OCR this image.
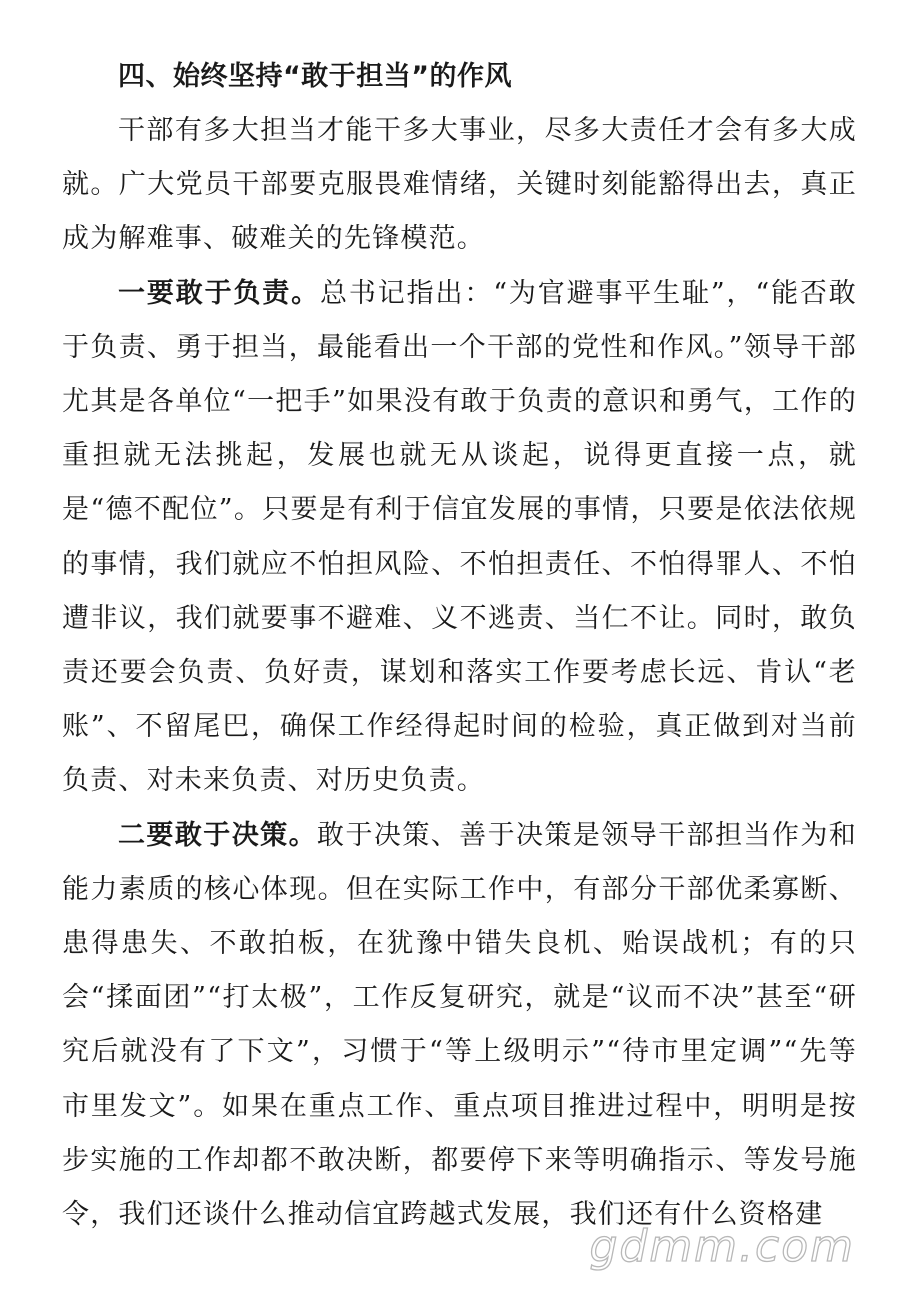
四、始终坚持“敢于担当”的作风

干部有多大担当才能干多大事业，尽多大责任才会有多大成就。广大党员干部要克服畏难情绪，关键时刻能豁得出去，真正成为解难事、破难关的先锋模范。

一要敢于负责。总书记指出：“为官避事平生耻”，“能否敢于负责、勇于担当，最能看出一个干部的党性和作风。”领导干部尤其是各单位“一把手”如果没有敢于负责的意识和勇气，工作的重担就无法挑起，发展也就无从谈起，说得更直接一点，就是“德不配位”。只要是有利于信宜发展的事情，只要是依法依规的事情，我们就应不怕担风险、不怕担责任、不怕得罪人、不怕遭非议，我们就要事不避难、义不逃责、当仁不让。同时，敢负责还要会负责、负好责，谋划和落实工作要考虑长远、肯认“老账”、不留尾巴，确保工作经得起时间的检验，真正做到对当前负责、对未来负责、对历史负责。

二要敢于决策。敢于决策、善于决策是领导干部担当作为和能力素质的核心体现。但在实际工作中，有部分干部优柔寡断、患得患失、不敢拍板，在犹豫中错失良机、贻误战机；有的只会“揉面团”“打太极”，工作反复研究，就是“议而不决”甚至“研究后就没有了下文”，习惯于“等上级明示”“待市里定调”“先等市里发文”。如果在重点工作、重点项目推进过程中，明明是按步实施的工作却都不敢决断，都要停下来等明确指示、等发号施令，我们还谈什么推动信宜跨越式发展，我们还有什么资格建

gdmm.com
